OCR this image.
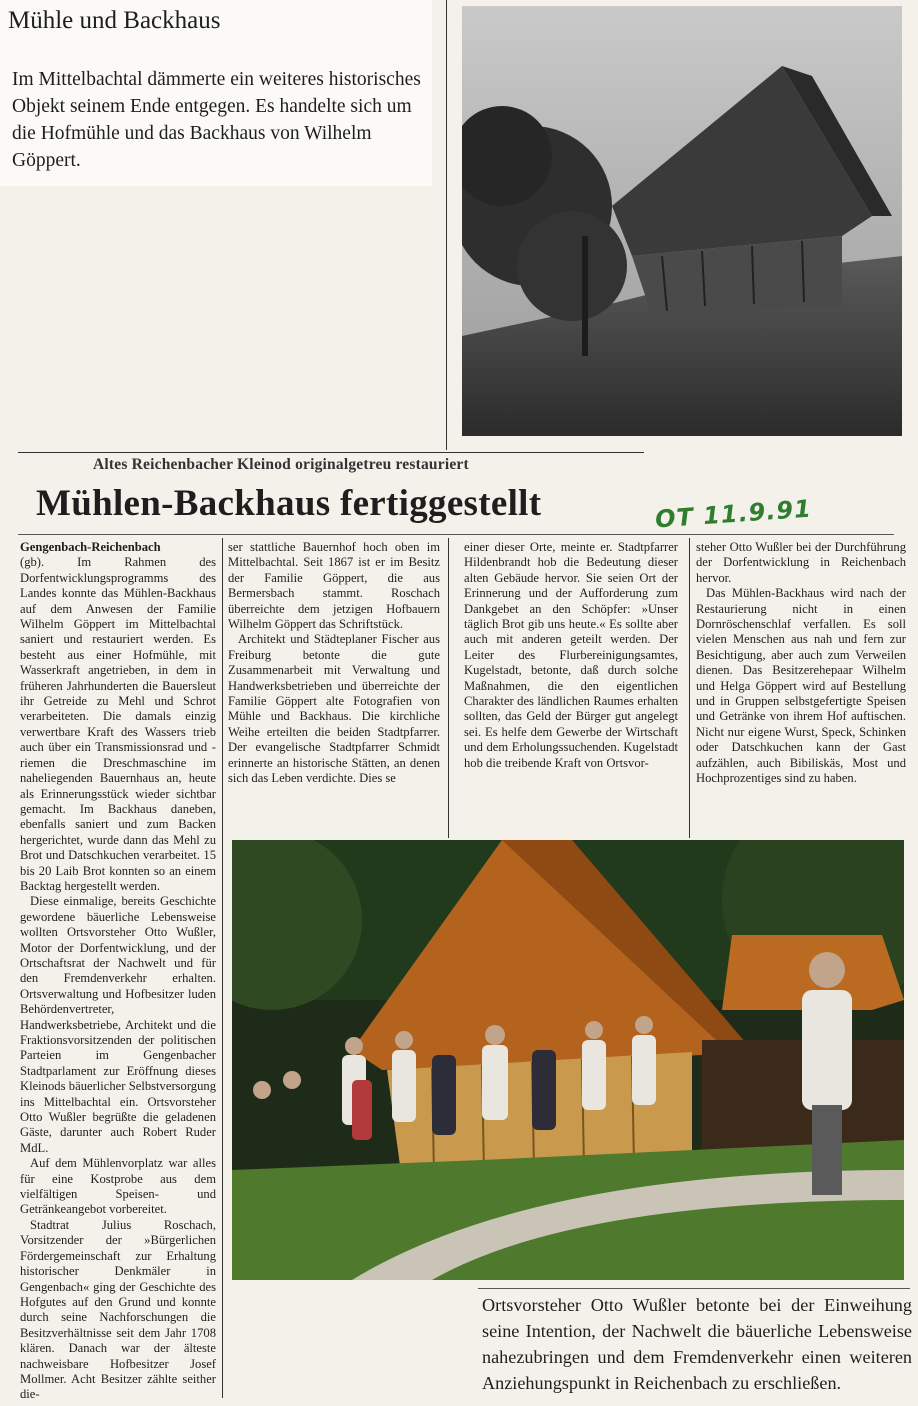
Mühle und Backhaus
Im Mittelbachtal dämmerte ein weiteres historisches Objekt seinem Ende entgegen. Es handelte sich um die Hofmühle und das Backhaus von Wilhelm Göppert.
Altes Reichenbacher Kleinod originalgetreu restauriert
Mühlen-Backhaus fertiggestellt	OT 11.9.91

Gengenbach-Reichenbach
(gb). Im Rahmen des Dorfentwicklungsprogramms des Landes konnte das Mühlen-Backhaus auf dem Anwesen der Familie Wilhelm Göppert im Mittelbachtal saniert und restauriert werden. Es besteht aus einer Hofmühle, mit Wasserkraft angetrieben, in dem in früheren Jahrhunderten die Bauersleut ihr Getreide zu Mehl und Schrot verarbeiteten. Die damals einzig verwertbare Kraft des Wassers trieb auch über ein Transmissionsrad und -riemen die Dreschmaschine im naheliegenden Bauernhaus an, heute als Erinnerungsstück wieder sichtbar gemacht. Im Backhaus daneben, ebenfalls saniert und zum Backen hergerichtet, wurde dann das Mehl zu Brot und Datschkuchen verarbeitet. 15 bis 20 Laib Brot konnten so an einem Backtag hergestellt werden.

Diese einmalige, bereits Geschichte gewordene bäuerliche Lebensweise wollten Ortsvorsteher Otto Wußler, Motor der Dorfentwicklung, und der Ortschaftsrat der Nachwelt und für den Fremdenverkehr erhalten. Ortsverwaltung und Hofbesitzer luden Behördenvertreter, Handwerksbetriebe, Architekt und die Fraktionsvorsitzenden der politischen Parteien im Gengenbacher Stadtparlament zur Eröffnung dieses Kleinods bäuerlicher Selbstversorgung ins Mittelbachtal ein. Ortsvorsteher Otto Wußler begrüßte die geladenen Gäste, darunter auch Robert Ruder MdL.

Auf dem Mühlenvorplatz war alles für eine Kostprobe aus dem vielfältigen Speisen- und Getränkeangebot vorbereitet.

Stadtrat Julius Roschach, Vorsitzender der »Bürgerlichen Fördergemeinschaft zur Erhaltung historischer Denkmäler in Gengenbach« ging der Geschichte des Hofgutes auf den Grund und konnte durch seine Nachforschungen die Besitzverhältnisse seit dem Jahr 1708 klären. Danach war der älteste nachweisbare Hofbesitzer Josef Mollmer. Acht Besitzer zählte seither die-

ser stattliche Bauernhof hoch oben im Mittelbachtal. Seit 1867 ist er im Besitz der Familie Göppert, die aus Bermersbach stammt. Roschach überreichte dem jetzigen Hofbauern Wilhelm Göppert das Schriftstück.

Architekt und Städteplaner Fischer aus Freiburg betonte die gute Zusammenarbeit mit Verwaltung und Handwerksbetrieben und überreichte der Familie Göppert alte Fotografien von Mühle und Backhaus. Die kirchliche Weihe erteilten die beiden Stadtpfarrer. Der evangelische Stadtpfarrer Schmidt erinnerte an historische Stätten, an denen sich das Leben verdichte. Dies se

einer dieser Orte, meinte er. Stadtpfarrer Hildenbrandt hob die Bedeutung dieser alten Gebäude hervor. Sie seien Ort der Erinnerung und der Aufforderung zum Dankgebet an den Schöpfer: »Unser täglich Brot gib uns heute.« Es sollte aber auch mit anderen geteilt werden. Der Leiter des Flurbereinigungsamtes, Kugelstadt, betonte, daß durch solche Maßnahmen, die den eigentlichen Charakter des ländlichen Raumes erhalten sollten, das Geld der Bürger gut angelegt sei. Es helfe dem Gewerbe der Wirtschaft und dem Erholungssuchenden. Kugelstadt hob die treibende Kraft von Ortsvor-

steher Otto Wußler bei der Durchführung der Dorfentwicklung in Reichenbach hervor.

Das Mühlen-Backhaus wird nach der Restaurierung nicht in einen Dornröschenschlaf verfallen. Es soll vielen Menschen aus nah und fern zur Besichtigung, aber auch zum Verweilen dienen. Das Besitzerehepaar Wilhelm und Helga Göppert wird auf Bestellung und in Gruppen selbstgefertigte Speisen und Getränke von ihrem Hof auftischen. Nicht nur eigene Wurst, Speck, Schinken oder Datschkuchen kann der Gast aufzählen, auch Bibiliskäs, Most und Hochprozentiges sind zu haben.

Ortsvorsteher Otto Wußler betonte bei der Einweihung seine Intention, der Nachwelt die bäuerliche Lebensweise nahezubringen und dem Fremdenverkehr einen weiteren Anziehungspunkt in Reichenbach zu erschließen.
